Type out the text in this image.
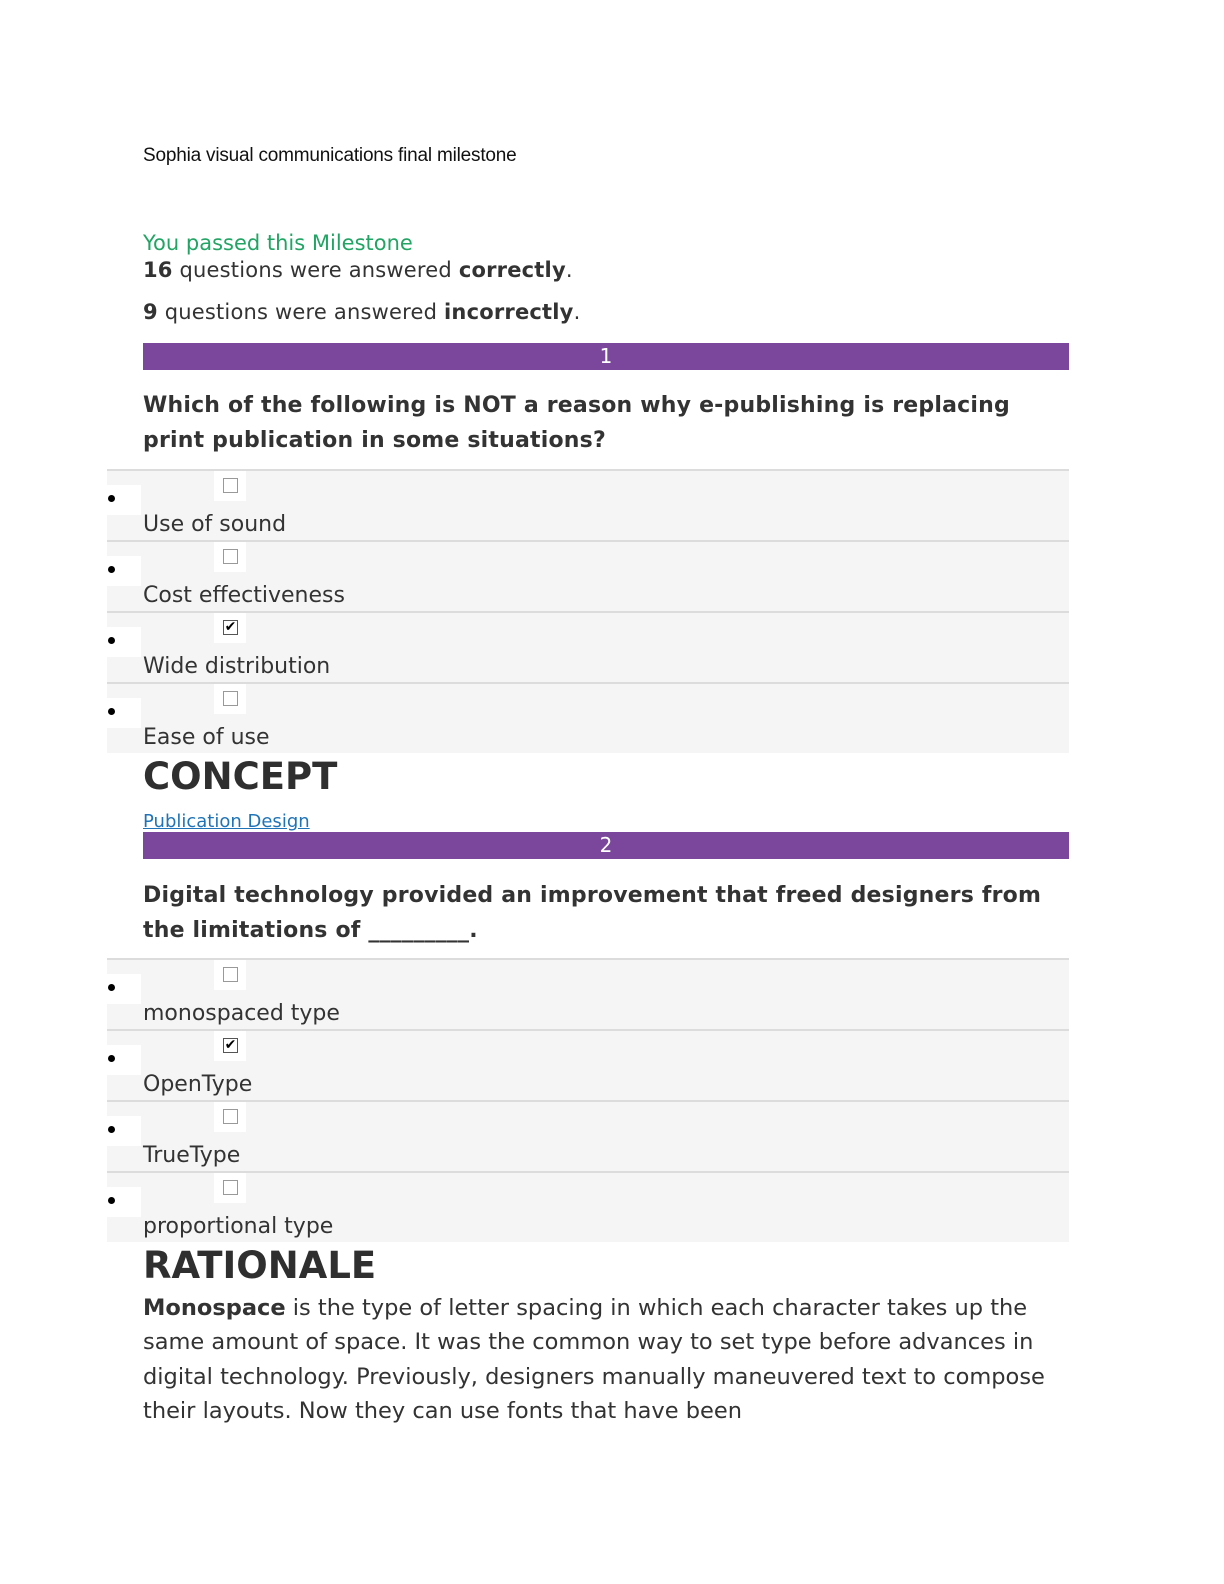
Sophia visual communications final milestone
You passed this Milestone
16 questions were answered correctly.
9 questions were answered incorrectly.
1
Which of the following is NOT a reason why e-publishing is replacing print publication in some situations?
Use of sound
Cost effectiveness
✔
Wide distribution
Ease of use
CONCEPT
Publication Design
2
Digital technology provided an improvement that freed designers from the limitations of _________.
monospaced type
✔
OpenType
TrueType
proportional type
RATIONALE
Monospace is the type of letter spacing in which each character takes up the same amount of space. It was the common way to set type before advances in digital technology. Previously, designers manually maneuvered text to compose their layouts. Now they can use fonts that have been
